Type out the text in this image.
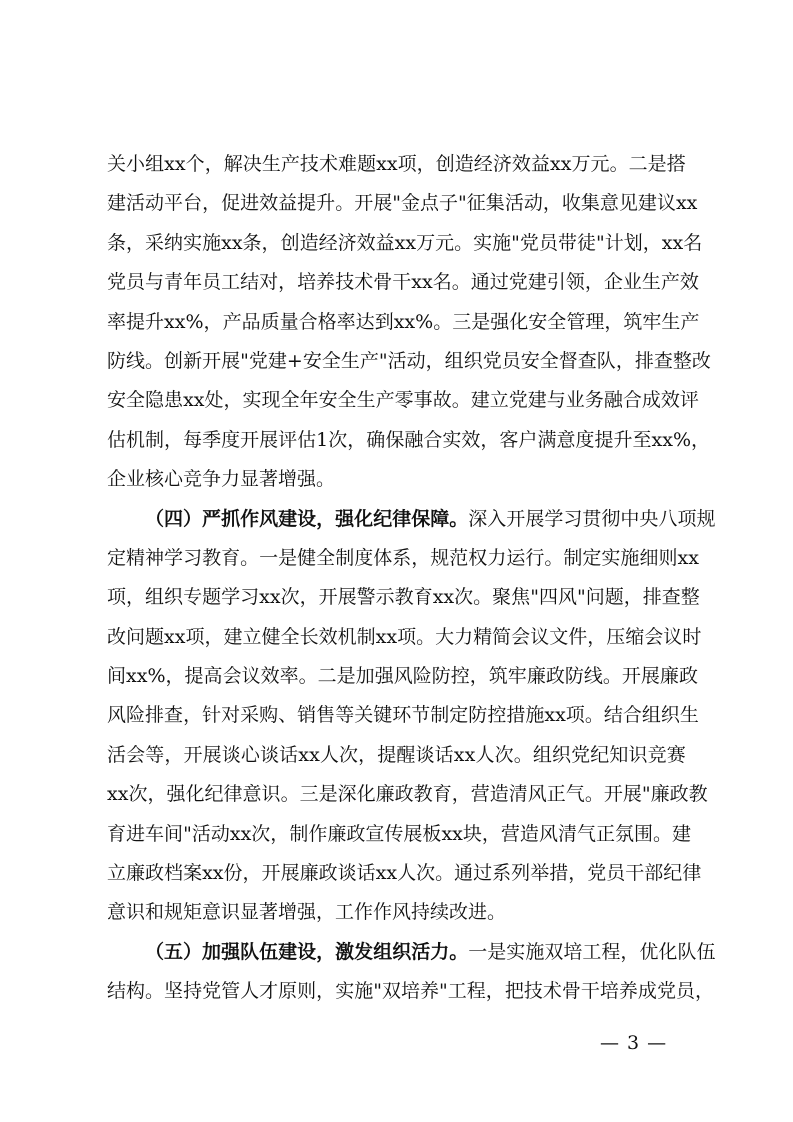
关 小 组 x x 个 ， 解 决 生 产 技 术 难 题 x x 项 ， 创 造 经 济 效 益 x x 万 元 。 二 是 搭
建 活 动 平 台 ， 促 进 效 益 提 升 。 开 展 " 金 点 子 " 征 集 活 动 ， 收 集 意 见 建 议 x x
条 ， 采 纳 实 施 x x 条 ， 创 造 经 济 效 益 x x 万 元 。 实 施 " 党 员 带 徒 " 计 划 ， x x 名
党 员 与 青 年 员 工 结 对 ， 培 养 技 术 骨 干 x x 名 。 通 过 党 建 引 领 ， 企 业 生 产 效
率 提 升 x x % ， 产 品 质 量 合 格 率 达 到 x x % 。 三 是 强 化 安 全 管 理 ， 筑 牢 生 产
防 线 。 创 新 开 展 " 党 建 + 安 全 生 产 " 活 动 ， 组 织 党 员 安 全 督 查 队 ， 排 查 整 改
安 全 隐 患 x x 处 ， 实 现 全 年 安 全 生 产 零 事 故 。 建 立 党 建 与 业 务 融 合 成 效 评
估 机 制 ， 每 季 度 开 展 评 估 1 次 ， 确 保 融 合 实 效 ， 客 户 满 意 度 提 升 至 x x % ，
企业核心竞争力显著增强。
（ 四 ） 严 抓 作 风 建 设 ， 强 化 纪 律 保 障 。 深 入 开 展 学 习 贯 彻 中 央 八 项 规
定 精 神 学 习 教 育 。 一 是 健 全 制 度 体 系 ， 规 范 权 力 运 行 。 制 定 实 施 细 则 x x
项 ， 组 织 专 题 学 习 x x 次 ， 开 展 警 示 教 育 x x 次 。 聚 焦 " 四 风 " 问 题 ， 排 查 整
改 问 题 x x 项 ， 建 立 健 全 长 效 机 制 x x 项 。 大 力 精 简 会 议 文 件 ， 压 缩 会 议 时
间 x x % ， 提 高 会 议 效 率 。 二 是 加 强 风 险 防 控 ， 筑 牢 廉 政 防 线 。 开 展 廉 政
风 险 排 查 ， 针 对 采 购 、 销 售 等 关 键 环 节 制 定 防 控 措 施 x x 项 。 结 合 组 织 生
活 会 等 ， 开 展 谈 心 谈 话 x x 人 次 ， 提 醒 谈 话 x x 人 次 。 组 织 党 纪 知 识 竞 赛
x x 次 ， 强 化 纪 律 意 识 。 三 是 深 化 廉 政 教 育 ， 营 造 清 风 正 气 。 开 展 " 廉 政 教
育 进 车 间 " 活 动 x x 次 ， 制 作 廉 政 宣 传 展 板 x x 块 ， 营 造 风 清 气 正 氛 围 。 建
立 廉 政 档 案 x x 份 ， 开 展 廉 政 谈 话 x x 人 次 。 通 过 系 列 举 措 ， 党 员 干 部 纪 律
意识和规矩意识显著增强，工作作风持续改进。
（ 五 ） 加 强 队 伍 建 设 ， 激 发 组 织 活 力 。 一 是 实 施 双 培 工 程 ， 优 化 队 伍
结 构 。 坚 持 党 管 人 才 原 则 ， 实 施 " 双 培 养 " 工 程 ， 把 技 术 骨 干 培 养 成 党 员 ，
— 3 —
